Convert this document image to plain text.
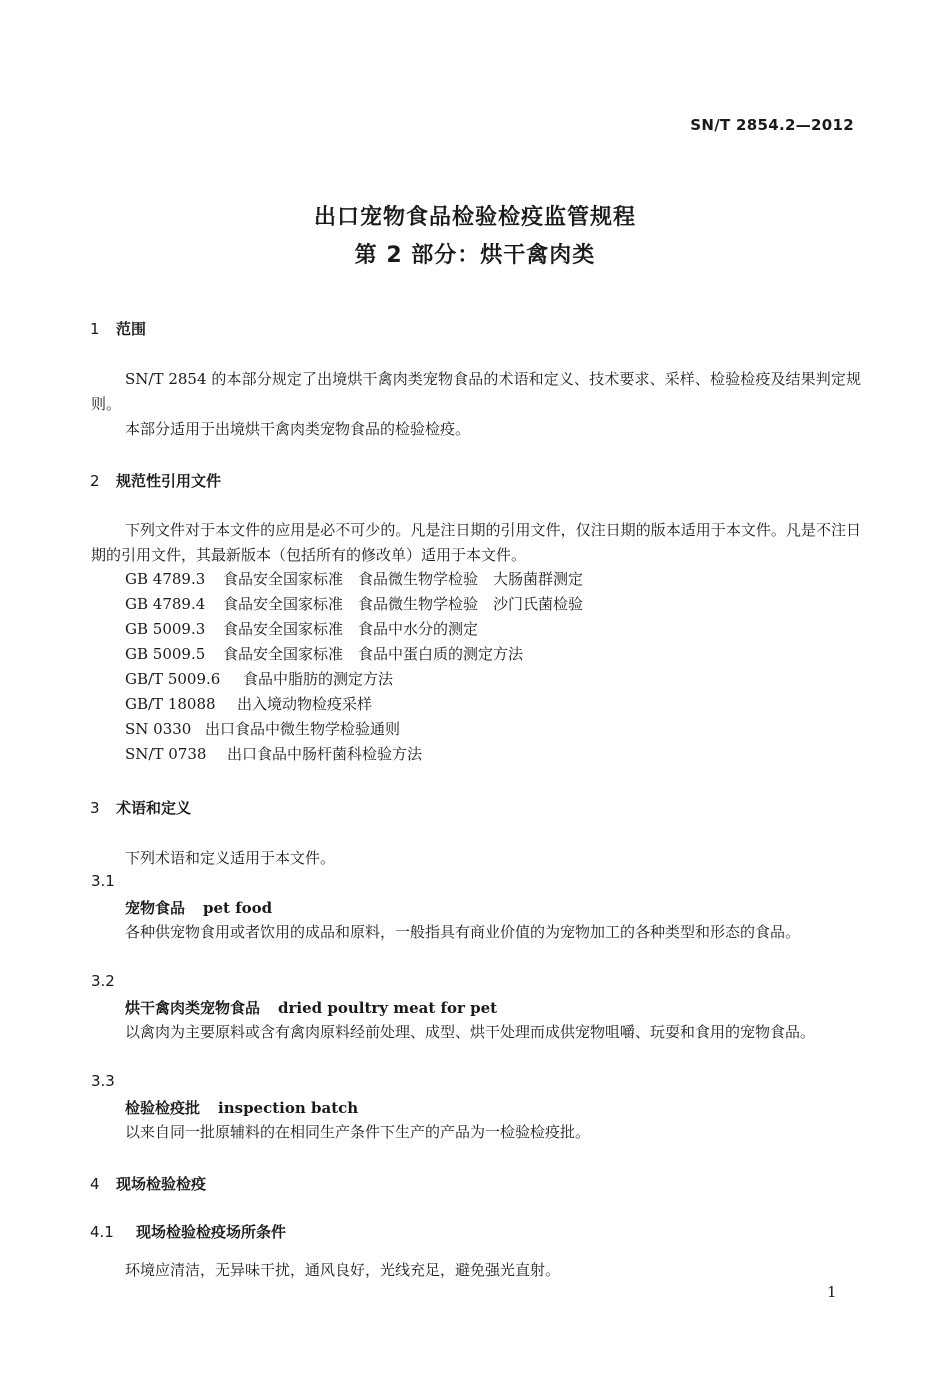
SN/T 2854.2—2012
出口宠物食品检验检疫监管规程
第 2 部分：烘干禽肉类
1 范围
SN/T 2854 的本部分规定了出境烘干禽肉类宠物食品的术语和定义、技术要求、采样、检验检疫及结果判定规则。
本部分适用于出境烘干禽肉类宠物食品的检验检疫。
2 规范性引用文件
下列文件对于本文件的应用是必不可少的。凡是注日期的引用文件，仅注日期的版本适用于本文件。凡是不注日期的引用文件，其最新版本（包括所有的修改单）适用于本文件。
GB 4789.3 食品安全国家标准　食品微生物学检验　大肠菌群测定
GB 4789.4 食品安全国家标准　食品微生物学检验　沙门氏菌检验
GB 5009.3 食品安全国家标准　食品中水分的测定
GB 5009.5 食品安全国家标准　食品中蛋白质的测定方法
GB/T 5009.6 食品中脂肪的测定方法
GB/T 18088 出入境动物检疫采样
SN 0330 出口食品中微生物学检验通则
SN/T 0738 出口食品中肠杆菌科检验方法
3 术语和定义
下列术语和定义适用于本文件。
3.1
宠物食品 pet food
各种供宠物食用或者饮用的成品和原料，一般指具有商业价值的为宠物加工的各种类型和形态的食品。
3.2
烘干禽肉类宠物食品 dried poultry meat for pet
以禽肉为主要原料或含有禽肉原料经前处理、成型、烘干处理而成供宠物咀嚼、玩耍和食用的宠物食品。
3.3
检验检疫批 inspection batch
以来自同一批原辅料的在相同生产条件下生产的产品为一检验检疫批。
4 现场检验检疫
4.1 现场检验检疫场所条件
环境应清洁，无异味干扰，通风良好，光线充足，避免强光直射。
1
